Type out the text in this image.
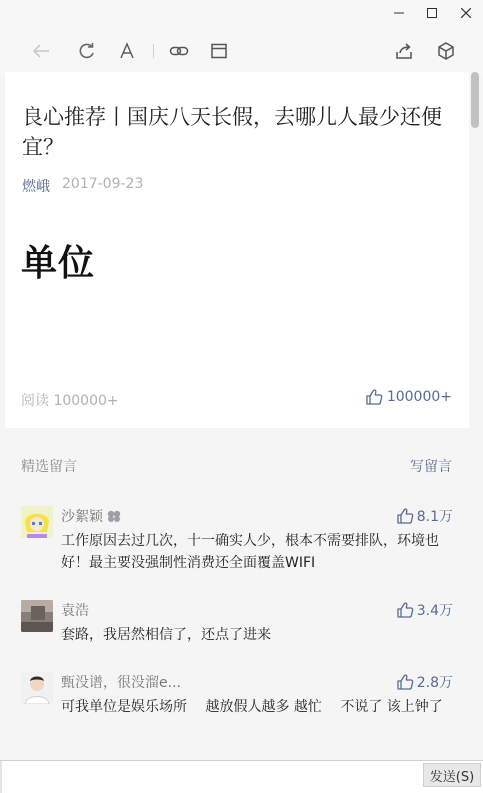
良心推荐丨国庆八天长假，去哪儿人最少还便宜？
燃峨 2017-09-23
单位
阅读 100000+	100000+
精选留言	写留言
沙絮颖	8.1万
工作原因去过几次，十一确实人少，根本不需要排队，环境也好！最主要没强制性消费还全面覆盖WIFI
袁浩	3.4万
套路，我居然相信了，还点了进来
甄没谱，很没溜e...	2.8万
可我单位是娱乐场所　 越放假人越多 越忙　 不说了 该上钟了
发送(S)
